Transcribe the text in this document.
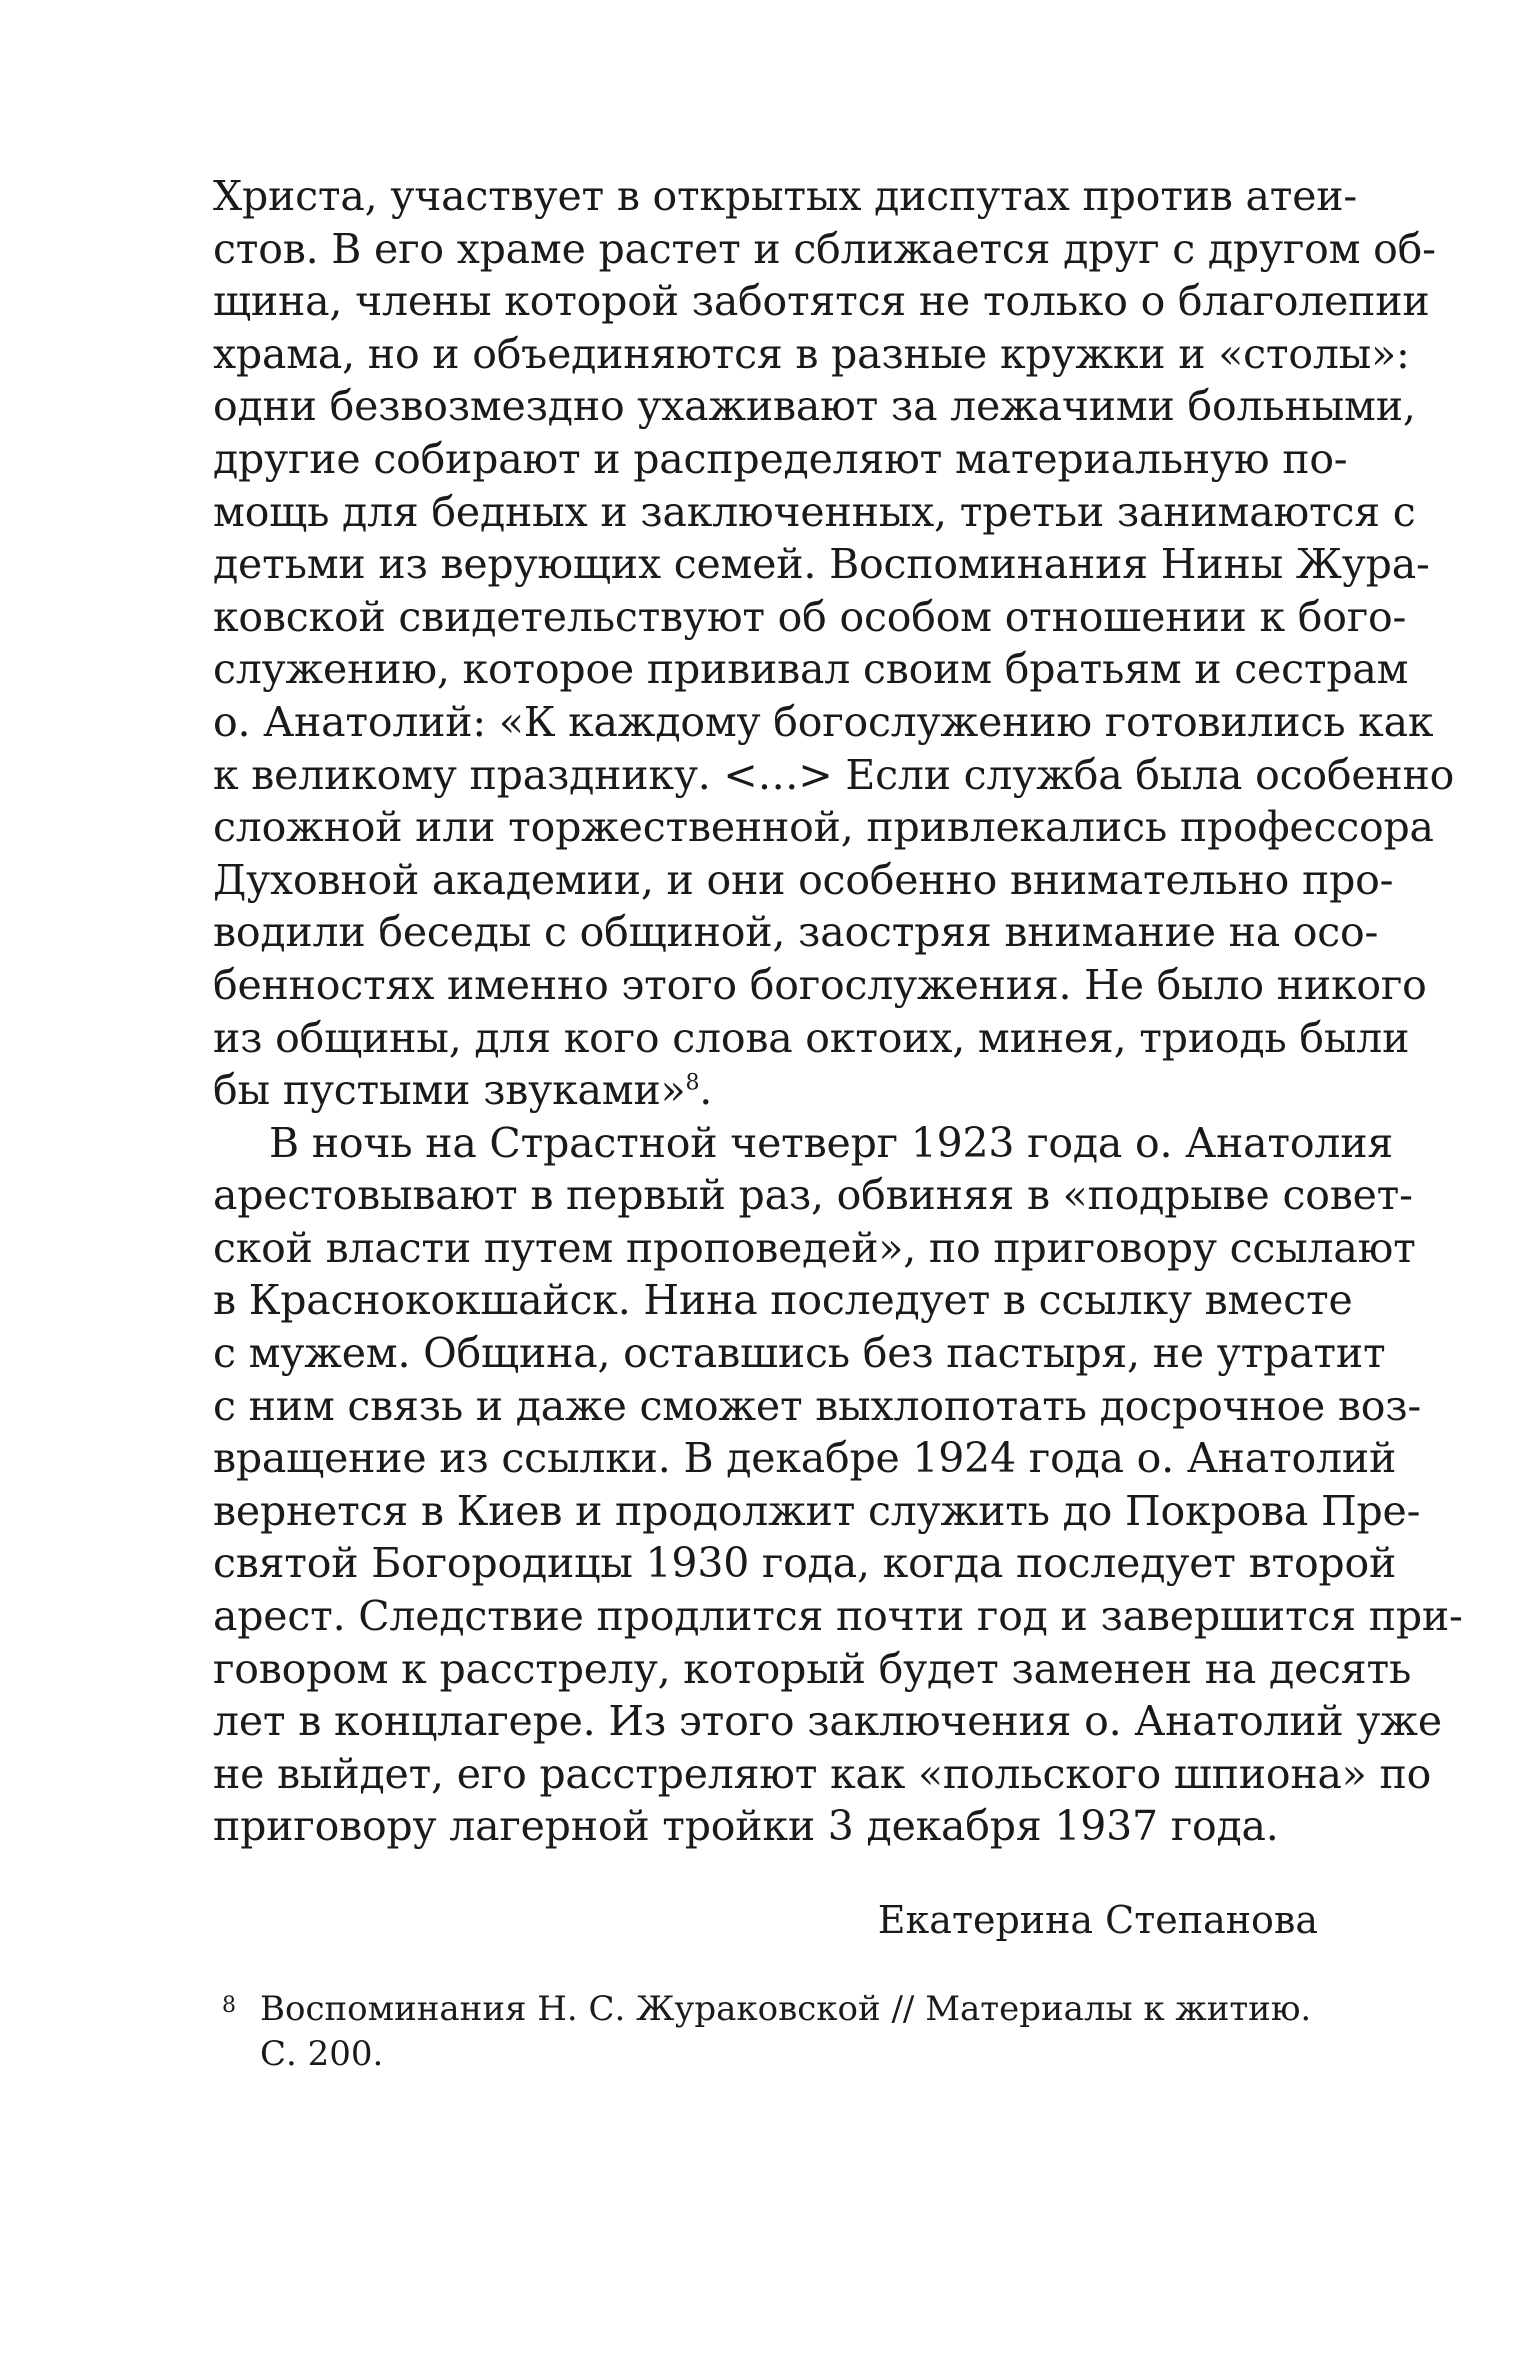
Христа, участвует в открытых диспутах против атеи-
стов. В его храме растет и сближается друг с другом об-
щина, члены которой заботятся не только о благолепии
храма, но и объединяются в разные кружки и «столы»:
одни безвозмездно ухаживают за лежачими больными,
другие собирают и распределяют материальную по-
мощь для бедных и заключенных, третьи занимаются с
детьми из верующих семей. Воспоминания Нины Жура-
ковской свидетельствуют об особом отношении к бого-
служению, которое прививал своим братьям и сестрам
о. Анатолий: «К каждому богослужению готовились как
к великому празднику. <…> Если служба была особенно
сложной или торжественной, привлекались профессора
Духовной академии, и они особенно внимательно про-
водили беседы с общиной, заостряя внимание на осо-
бенностях именно этого богослужения. Не было никого
из общины, для кого слова октоих, минея, триодь были
бы пустыми звуками»$^8$.
В ночь на Страстной четверг 1923 года о. Анатолия
арестовывают в первый раз, обвиняя в «подрыве совет-
ской власти путем проповедей», по приговору ссылают
в Краснококшайск. Нина последует в ссылку вместе
с мужем. Община, оставшись без пастыря, не утратит
с ним связь и даже сможет выхлопотать досрочное воз-
вращение из ссылки. В декабре 1924 года о. Анатолий
вернется в Киев и продолжит служить до Покрова Пре-
святой Богородицы 1930 года, когда последует второй
арест. Следствие продлится почти год и завершится при-
говором к расстрелу, который будет заменен на десять
лет в концлагере. Из этого заключения о. Анатолий уже
не выйдет, его расстреляют как «польского шпиона» по
приговору лагерной тройки 3 декабря 1937 года.
Екатерина Степанова
8 Воспоминания Н. С. Жураковской // Материалы к житию.
С. 200.
